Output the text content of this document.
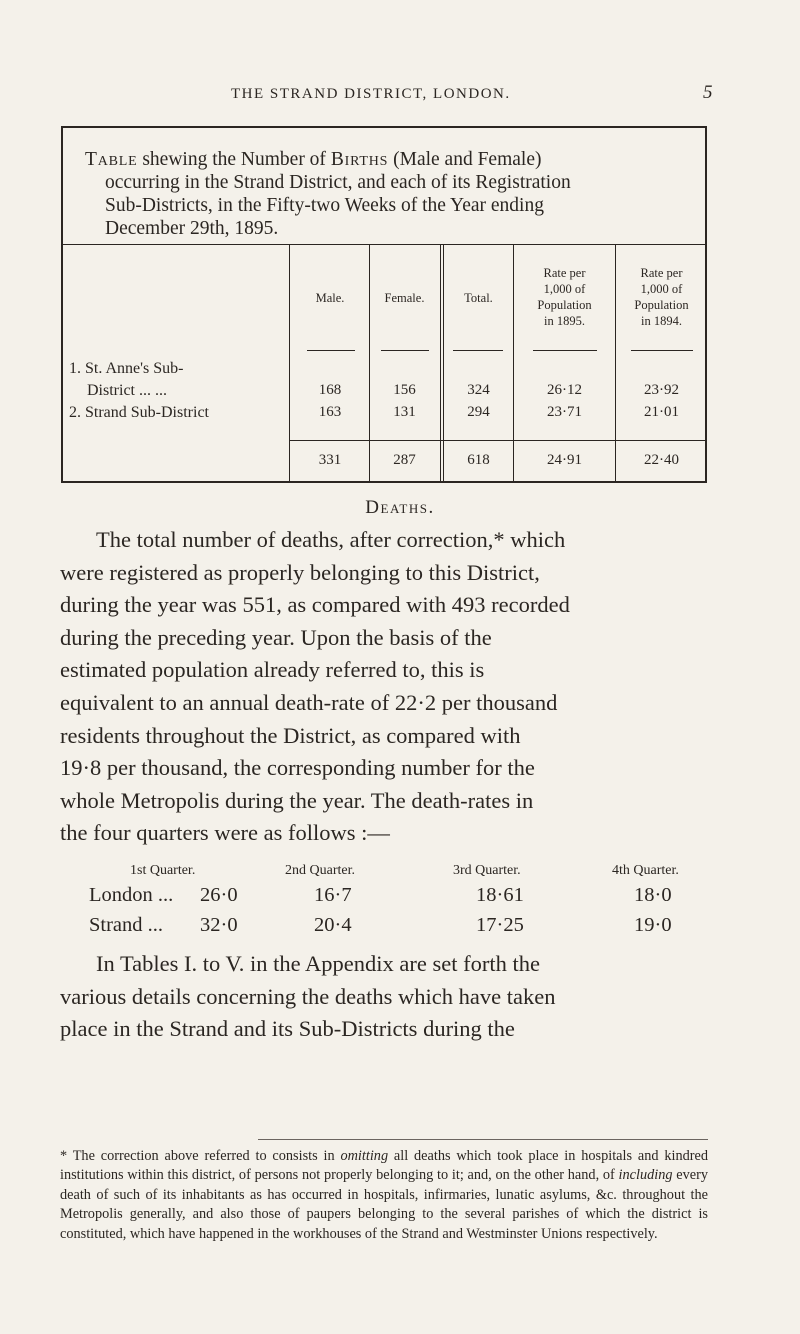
THE STRAND DISTRICT, LONDON.	5
Table shewing the Number of Births (Male and Female)
occurring in the Strand District, and each of its Registration
Sub-Districts, in the Fifty-two Weeks of the Year ending
December 29th, 1895.
Male.	Female.	Total.
Rate per
1,000 of
Population
in 1895.
Rate per
1,000 of
Population
in 1894.
1. St. Anne's Sub-
District ... ...	168	156	324	26·12	23·92
2. Strand Sub-District	163	131	294	23·71	21·01
331	287	618	24·91	22·40
Deaths.
The total number of deaths, after correction,* which
were registered as properly belonging to this District,
during the year was 551, as compared with 493 recorded
during the preceding year. Upon the basis of the
estimated population already referred to, this is
equivalent to an annual death-rate of 22·2 per thousand
residents throughout the District, as compared with
19·8 per thousand, the corresponding number for the
whole Metropolis during the year. The death-rates in
the four quarters were as follows :—
1st Quarter.	2nd Quarter.	3rd Quarter.	4th Quarter.
London ... 26·0	16·7	18·61	18·0
Strand ... 32·0	20·4	17·25	19·0
In Tables I. to V. in the Appendix are set forth the
various details concerning the deaths which have taken
place in the Strand and its Sub-Districts during the
* The correction above referred to consists in omitting all deaths which took place in hospitals and kindred institutions within this district, of persons not properly belonging to it; and, on the other hand, of including every death of such of its inhabitants as has occurred in hospitals, infirmaries, lunatic asylums, &c. throughout the Metropolis generally, and also those of paupers belonging to the several parishes of which the district is constituted, which have happened in the workhouses of the Strand and Westminster Unions respectively.
